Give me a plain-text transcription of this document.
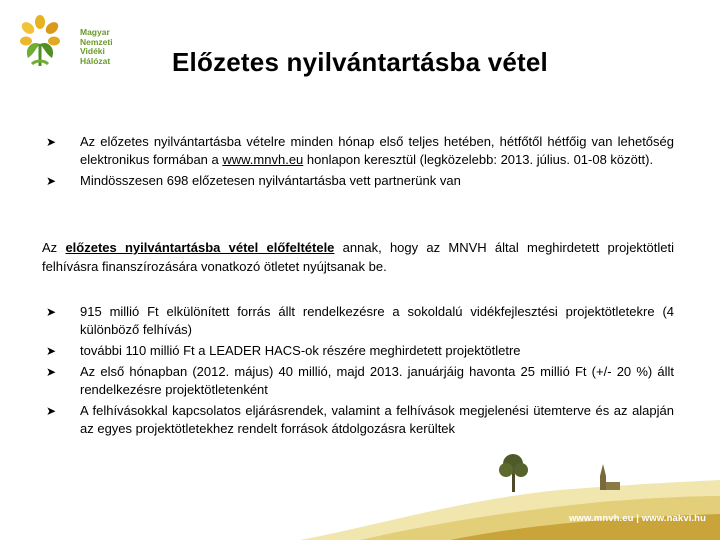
Magyar
Nemzeti
Vidéki
Hálózat	Előzetes nyilvántartásba vétel
➤	Az előzetes nyilvántartásba vételre minden hónap első teljes hetében, hétfőtől hétfőig van lehetőség elektronikus formában a www.mnvh.eu honlapon keresztül (legközelebb: 2013. július. 01-08 között).
➤	Mindösszesen 698 előzetesen nyilvántartásba vett partnerünk van
Az előzetes nyilvántartásba vétel előfeltétele annak, hogy az MNVH által meghirdetett projektötleti felhívásra finanszírozására vonatkozó ötletet nyújtsanak be.
➤	915 millió Ft elkülönített forrás állt rendelkezésre a sokoldalú vidékfejlesztési projektötletekre (4 különböző felhívás)
➤	további 110 millió Ft a LEADER HACS-ok részére meghirdetett projektötletre
➤	Az első hónapban (2012. május) 40 millió, majd 2013. januárjáig havonta 25 millió Ft (+/- 20 %) állt rendelkezésre projektötletenként
➤	A felhívásokkal kapcsolatos eljárásrendek, valamint a felhívások megjelenési ütemterve és az alapján az egyes projektötletekhez rendelt források átdolgozásra kerültek
www.mnvh.eu | www.nakvi.hu
